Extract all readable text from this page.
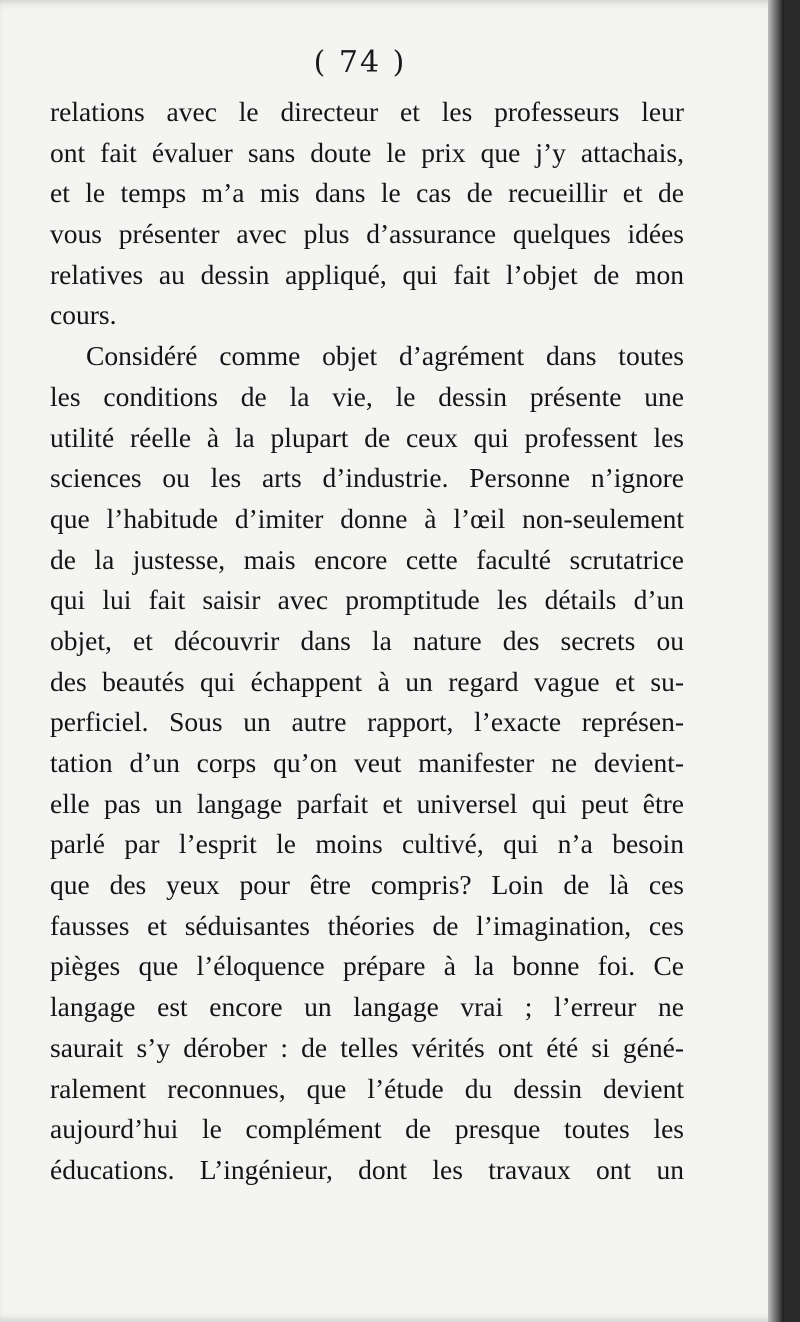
( 74 )
relations avec le directeur et les professeurs leur
ont fait évaluer sans doute le prix que j’y attachais,
et le temps m’a mis dans le cas de recueillir et de
vous présenter avec plus d’assurance quelques idées
relatives au dessin appliqué, qui fait l’objet de mon
cours.
Considéré comme objet d’agrément dans toutes
les conditions de la vie, le dessin présente une
utilité réelle à la plupart de ceux qui professent les
sciences ou les arts d’industrie. Personne n’ignore
que l’habitude d’imiter donne à l’œil non-seulement
de la justesse, mais encore cette faculté scrutatrice
qui lui fait saisir avec promptitude les détails d’un
objet, et découvrir dans la nature des secrets ou
des beautés qui échappent à un regard vague et su-
perficiel. Sous un autre rapport, l’exacte représen-
tation d’un corps qu’on veut manifester ne devient-
elle pas un langage parfait et universel qui peut être
parlé par l’esprit le moins cultivé, qui n’a besoin
que des yeux pour être compris? Loin de là ces
fausses et séduisantes théories de l’imagination, ces
pièges que l’éloquence prépare à la bonne foi. Ce
langage est encore un langage vrai ; l’erreur ne
saurait s’y dérober : de telles vérités ont été si géné-
ralement reconnues, que l’étude du dessin devient
aujourd’hui le complément de presque toutes les
éducations. L’ingénieur, dont les travaux ont un
